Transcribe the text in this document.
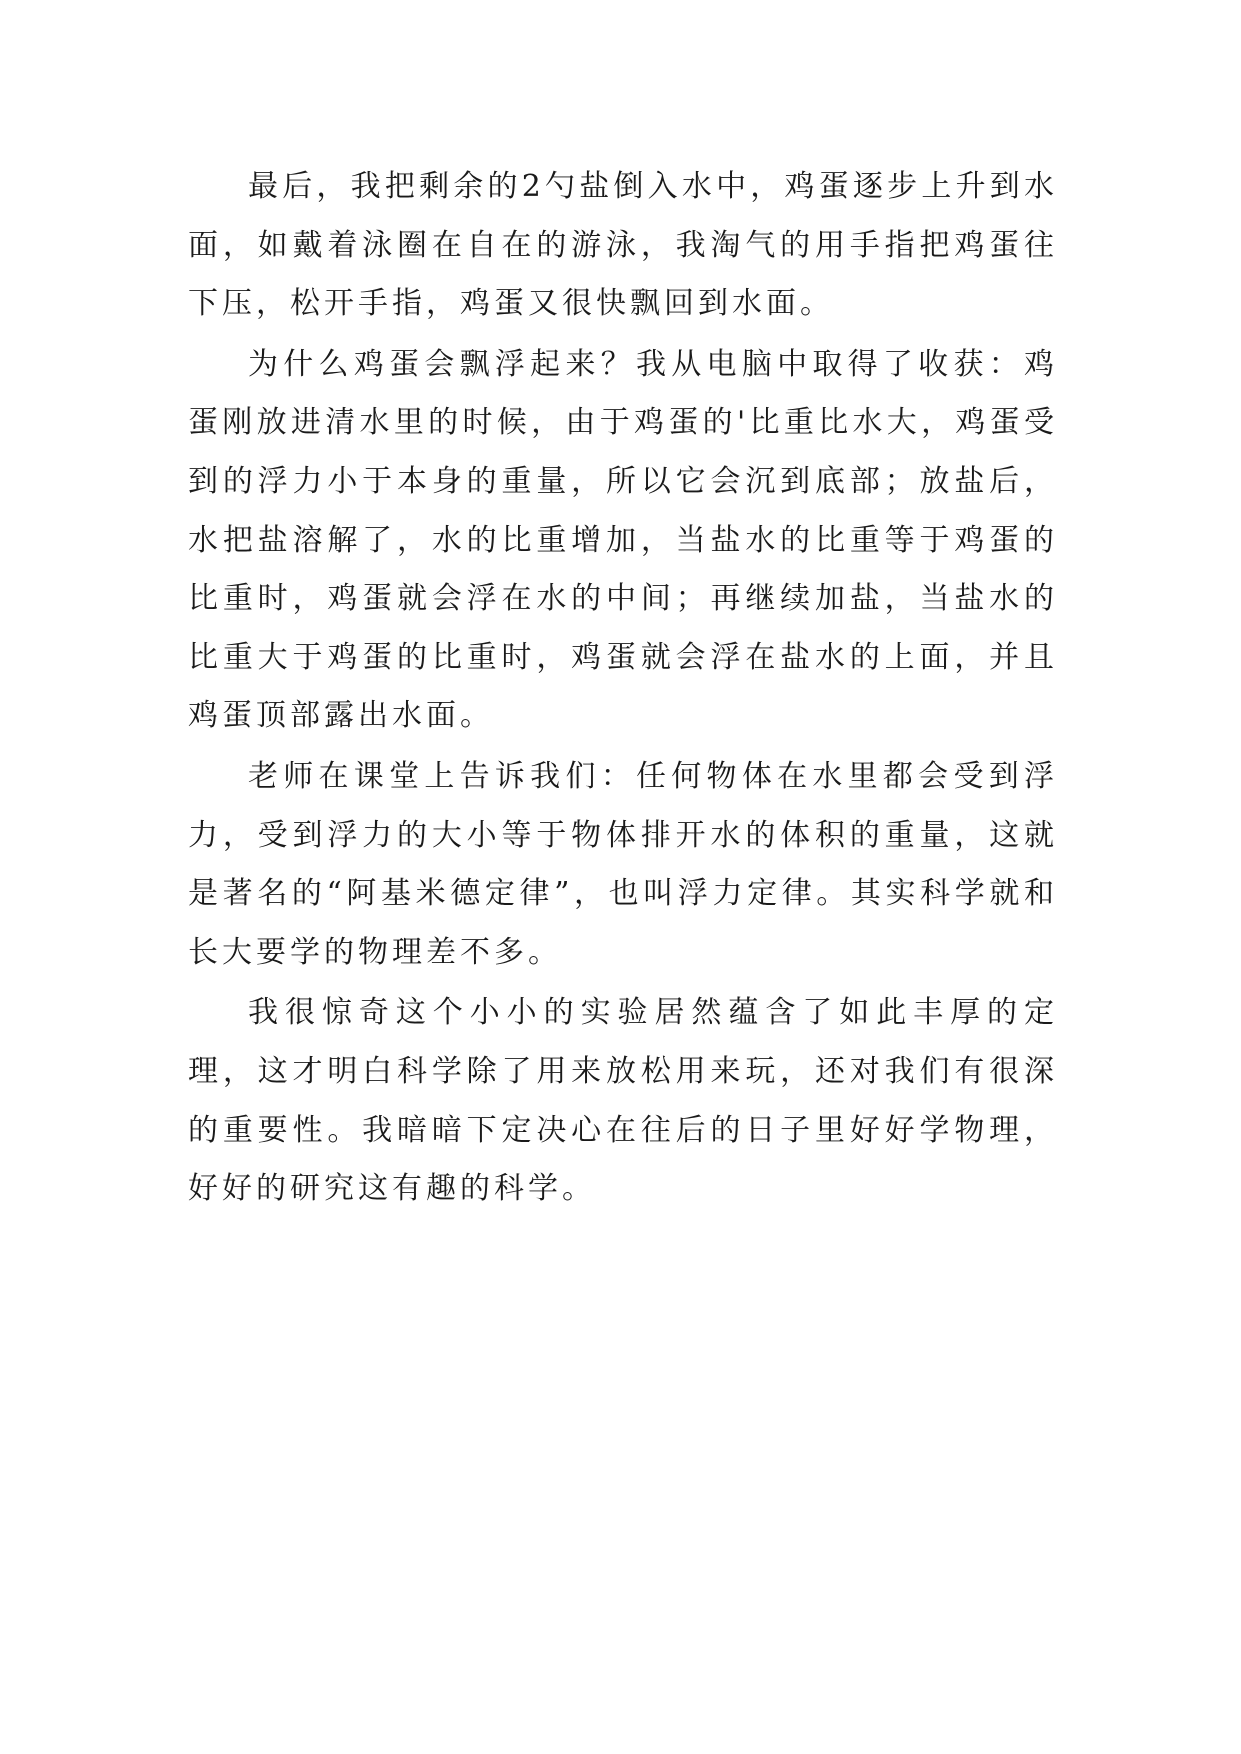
最后，我把剩余的2勺盐倒入水中，鸡蛋逐步上升到水面，如戴着泳圈在自在的游泳，我淘气的用手指把鸡蛋往下压，松开手指，鸡蛋又很快飘回到水面。

为什么鸡蛋会飘浮起来？我从电脑中取得了收获：鸡蛋刚放进清水里的时候，由于鸡蛋的'比重比水大，鸡蛋受到的浮力小于本身的重量，所以它会沉到底部；放盐后，水把盐溶解了，水的比重增加，当盐水的比重等于鸡蛋的比重时，鸡蛋就会浮在水的中间；再继续加盐，当盐水的比重大于鸡蛋的比重时，鸡蛋就会浮在盐水的上面，并且鸡蛋顶部露出水面。

老师在课堂上告诉我们：任何物体在水里都会受到浮力，受到浮力的大小等于物体排开水的体积的重量，这就是著名的“阿基米德定律”，也叫浮力定律。其实科学就和长大要学的物理差不多。

我很惊奇这个小小的实验居然蕴含了如此丰厚的定理，这才明白科学除了用来放松用来玩，还对我们有很深的重要性。我暗暗下定决心在往后的日子里好好学物理，好好的研究这有趣的科学。
